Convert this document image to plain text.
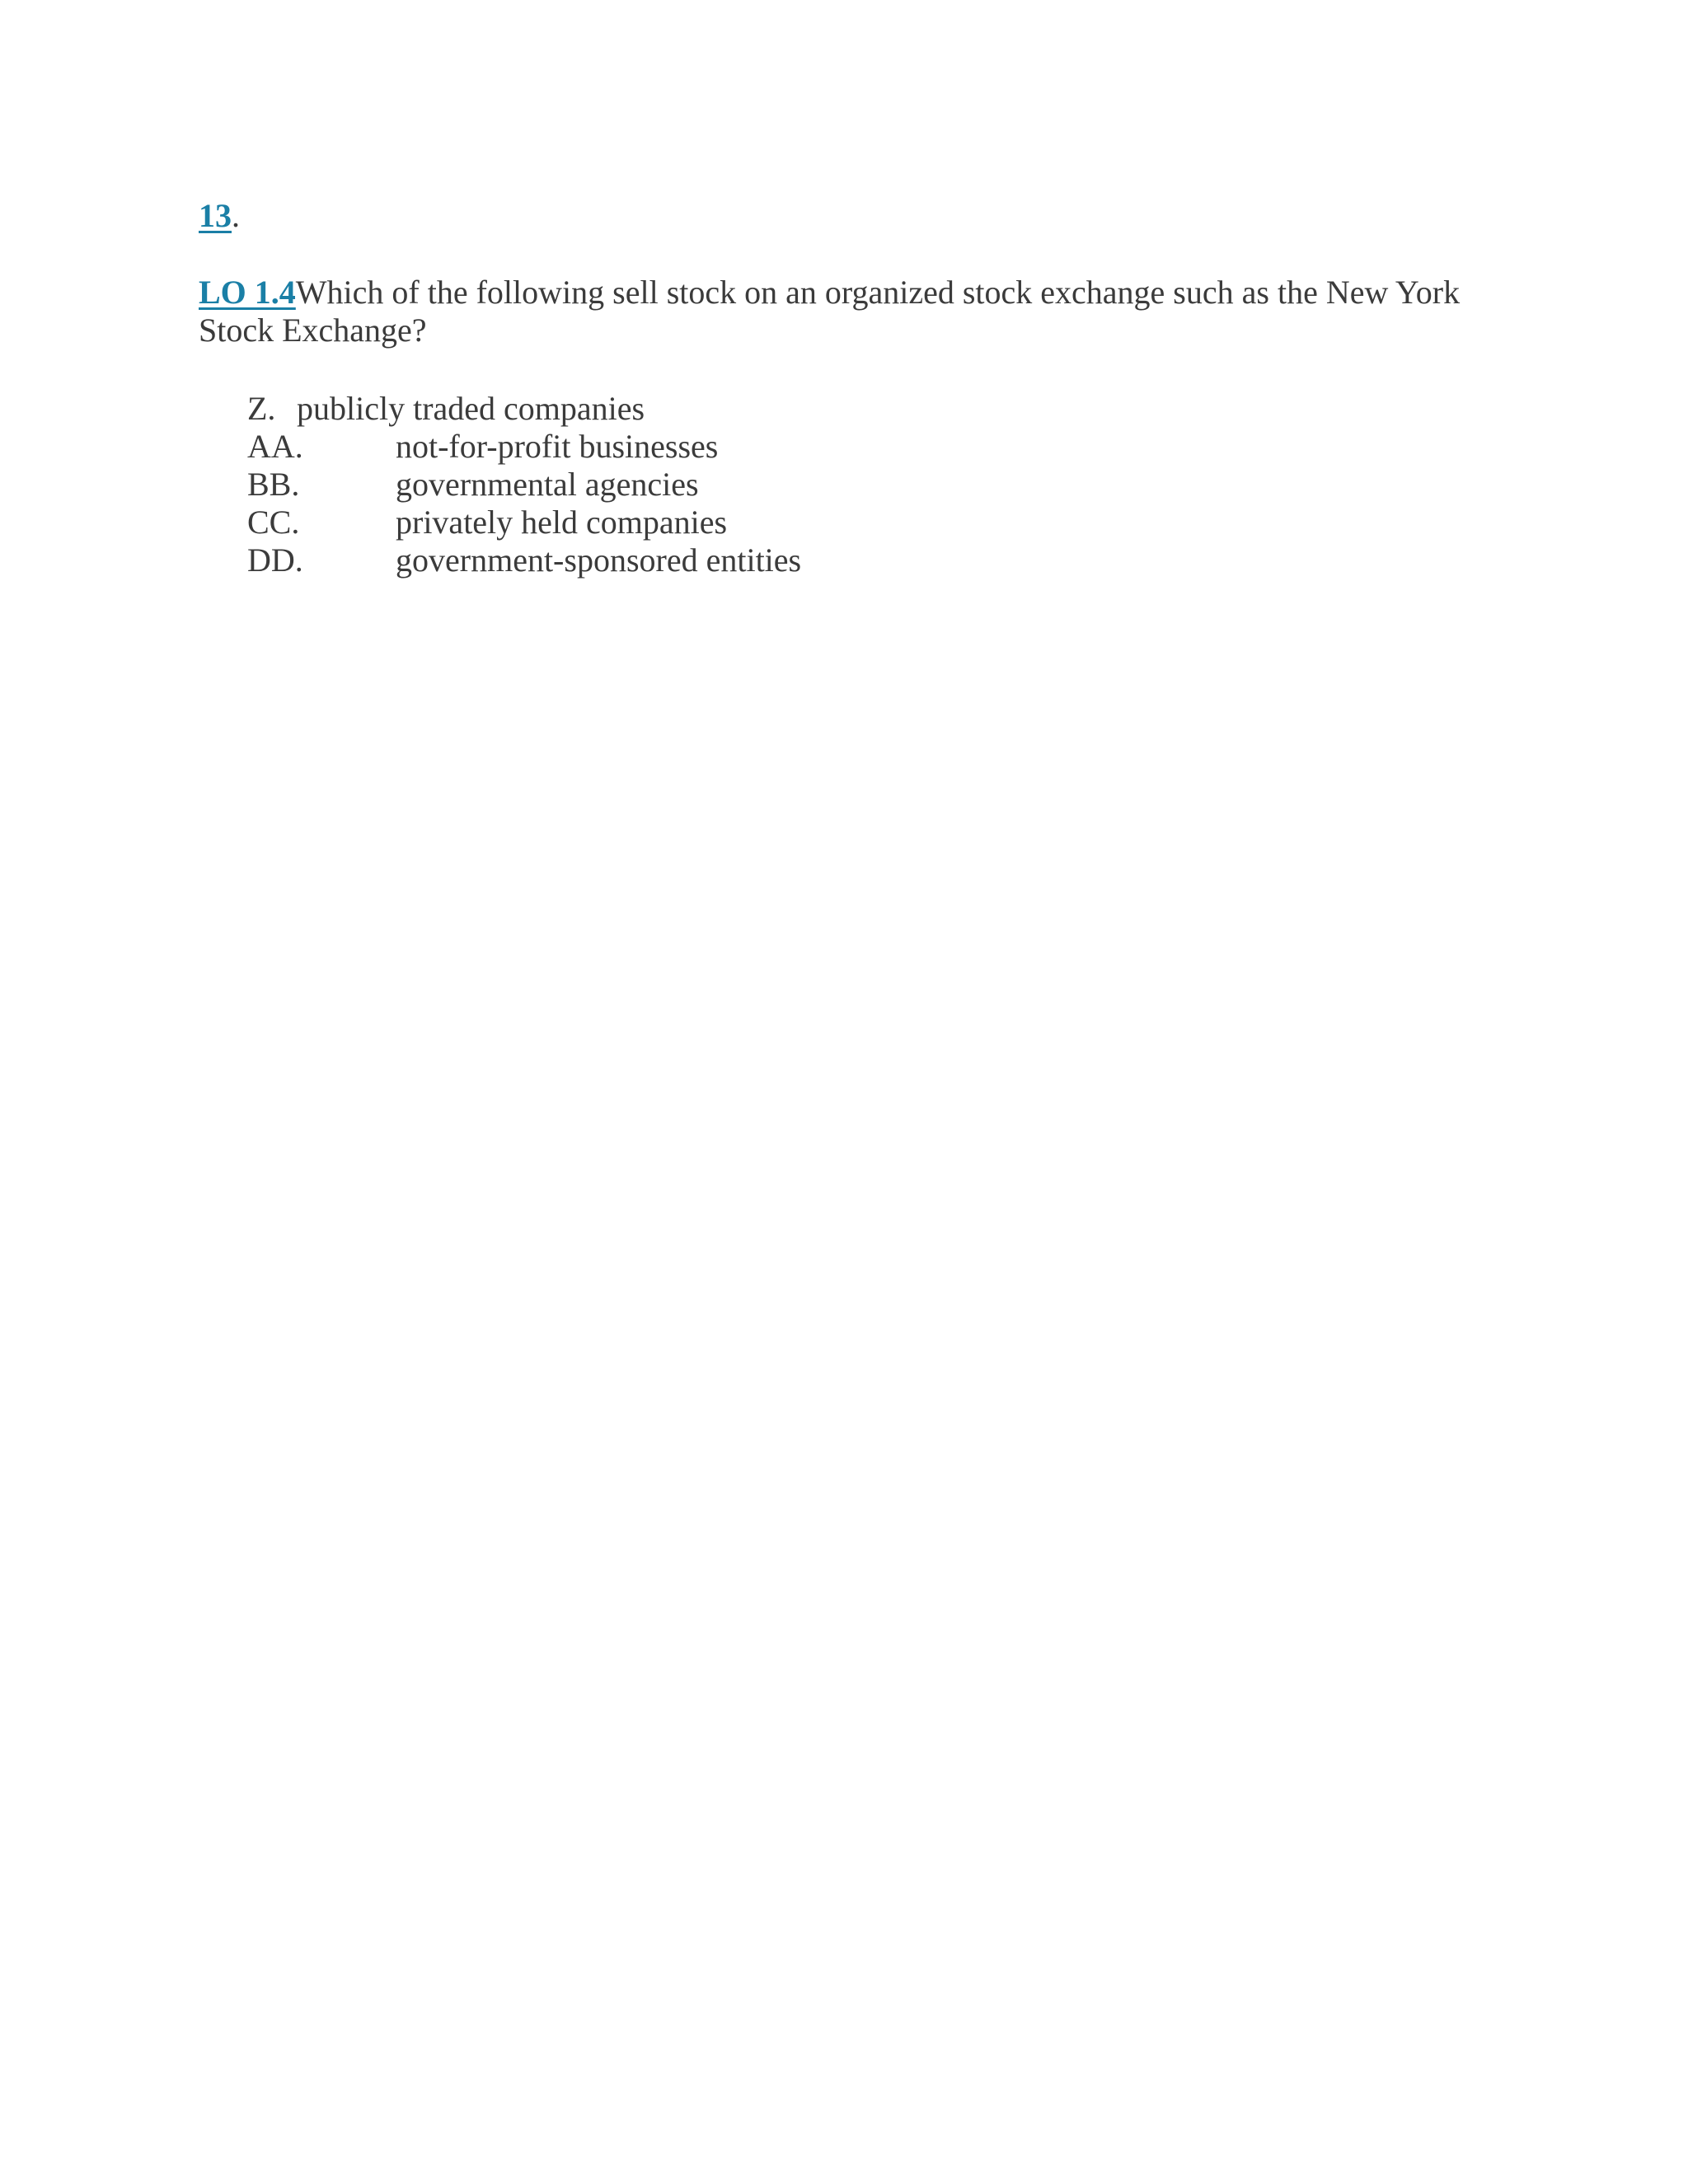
13.
LO 1.4Which of the following sell stock on an organized stock exchange such as the New York Stock Exchange?
Z. publicly traded companies
AA.	not-for-profit businesses
BB.	governmental agencies
CC.	privately held companies
DD.	government-sponsored entities
